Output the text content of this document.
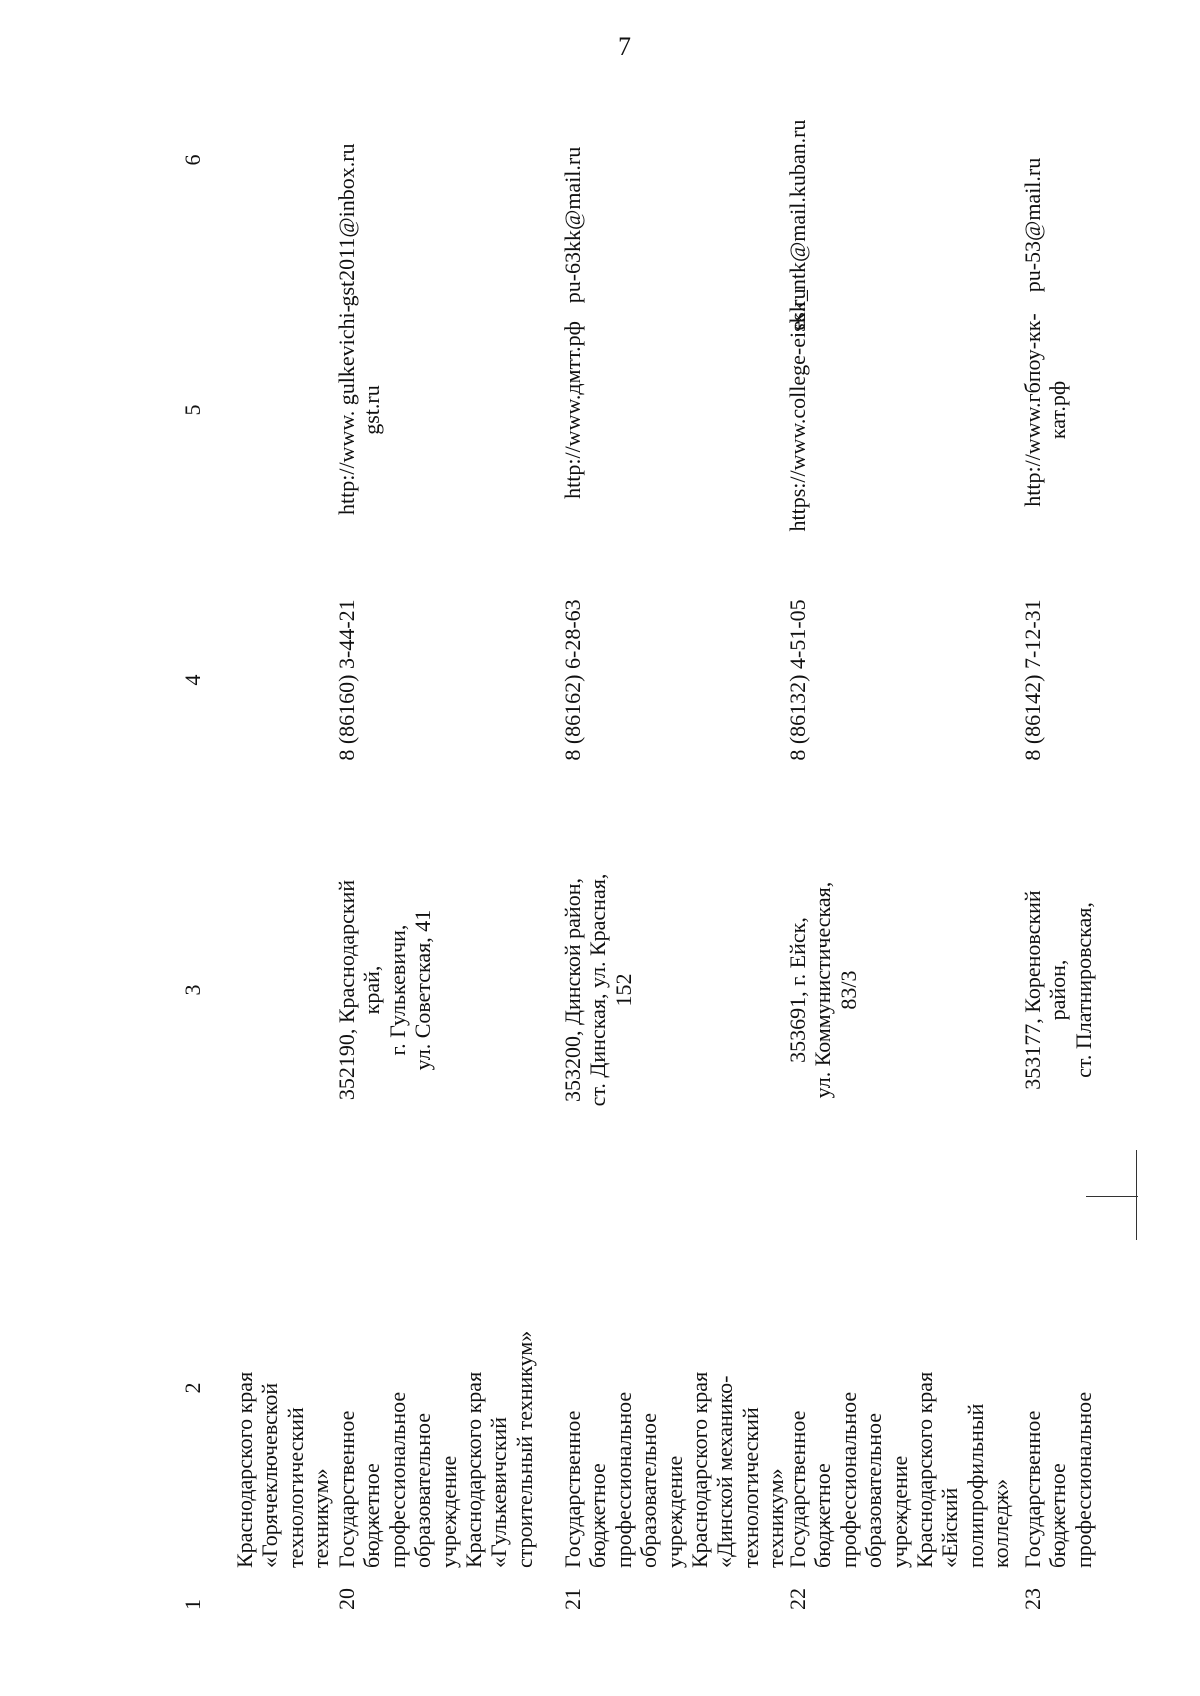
7
1
2
3
4
5
6
Краснодарского края «Горячеключевской технологический техникум»
20
Государственное бюджетное профессиональное образовательное учреждение Краснодарского края «Гулькевичский строительный техникум»
352190, Краснодарский край, г. Гулькевичи, ул. Советская, 41
8 (86160) 3-44-21
http://www. gulkevichi- gst.ru
gst2011@inbox.ru
21
Государственное бюджетное профессиональное образовательное учреждение Краснодарского края «Динской механико- технологический техникум»
353200, Динской район, ст. Динская, ул. Красная, 152
8 (86162) 6-28-63
http://www.дмтт.рф
pu-63kk@mail.ru
22
Государственное бюджетное профессиональное образовательное учреждение Краснодарского края «Ейский полипрофильный колледж»
353691, г. Ейск, ул. Коммунистическая, 83/3
8 (86132) 4-51-05
https://www.college-eisk.ru
esk_ntk@mail.kuban.ru
23
Государственное бюджетное профессиональное
353177, Кореновский район, ст. Платнировская,
8 (86142) 7-12-31
http://www.гбпоу-кк- кат.рф
pu-53@mail.ru
